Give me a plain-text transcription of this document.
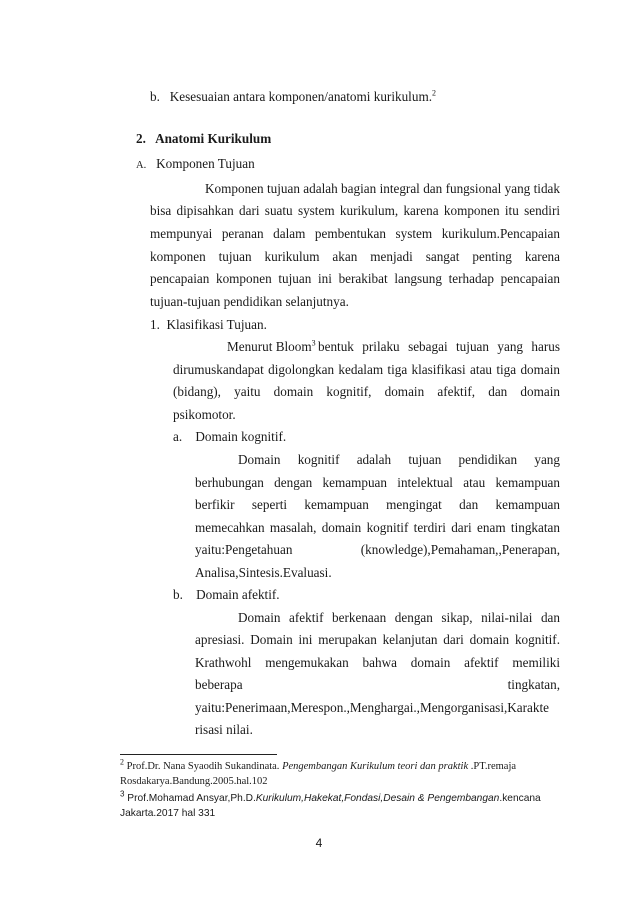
b. Kesesuaian antara komponen/anatomi kurikulum.$^2$
2. Anatomi Kurikulum
A. Komponen Tujuan
Komponen tujuan adalah bagian integral dan fungsional yang tidak
bisa dipisahkan dari suatu system kurikulum, karena komponen itu sendiri
mempunyai peranan dalam pembentukan system kurikulum.Pencapaian
komponen tujuan kurikulum akan menjadi sangat penting karena
pencapaian komponen tujuan ini berakibat langsung terhadap pencapaian
tujuan-tujuan pendidikan selanjutnya.
1. Klasifikasi Tujuan.
Menurut Bloom$^3$ bentuk prilaku sebagai tujuan yang harus
dirumuskandapat digolongkan kedalam tiga klasifikasi atau tiga domain
(bidang), yaitu domain kognitif, domain afektif, dan domain
psikomotor.
a. Domain kognitif.
Domain kognitif adalah tujuan pendidikan yang
berhubungan dengan kemampuan intelektual atau kemampuan
berfikir seperti kemampuan mengingat dan kemampuan
memecahkan masalah, domain kognitif terdiri dari enam tingkatan
yaitu:Pengetahuan (knowledge),Pemahaman,,Penerapan,
Analisa,Sintesis.Evaluasi.
b. Domain afektif.
Domain afektif berkenaan dengan sikap, nilai-nilai dan
apresiasi. Domain ini merupakan kelanjutan dari domain kognitif.
Krathwohl mengemukakan bahwa domain afektif memiliki
beberapa tingkatan,
yaitu:Penerimaan,Merespon.,Menghargai.,Mengorganisasi,Karakte
risasi nilai.
$^2$ Prof.Dr. Nana Syaodih Sukandinata. Pengembangan Kurikulum teori dan praktik .PT.remaja
Rosdakarya.Bandung.2005.hal.102
$^3$ Prof.Mohamad Ansyar,Ph.D.Kurikulum,Hakekat,Fondasi,Desain & Pengembangan.kencana
Jakarta.2017 hal 331
4
